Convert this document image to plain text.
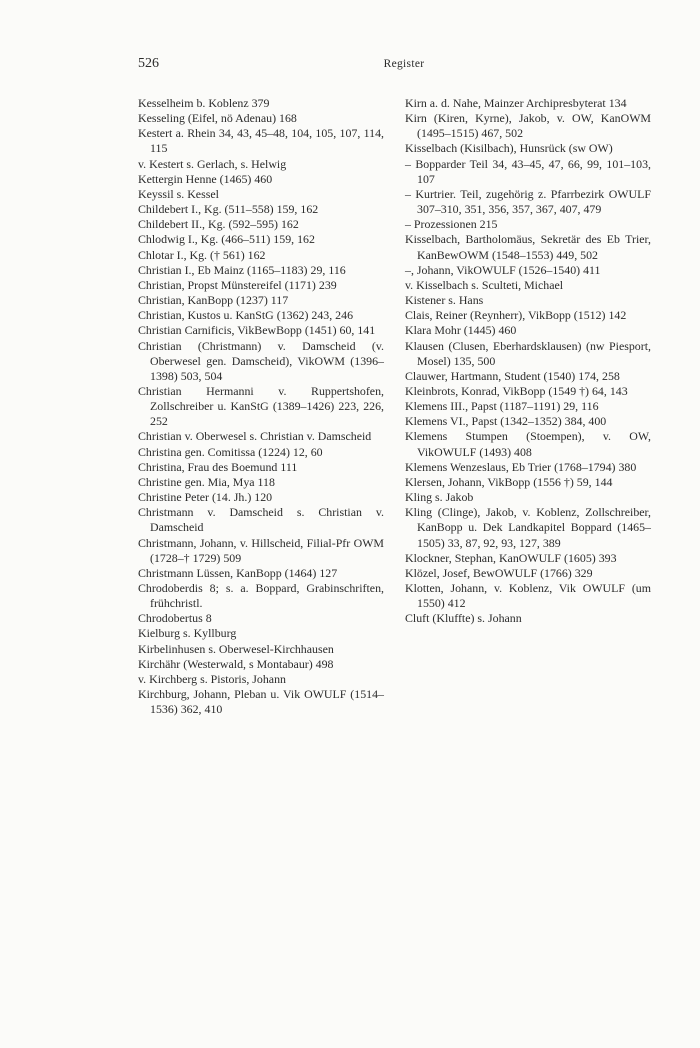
526	Register

Kesselheim b. Koblenz 379

Kesseling (Eifel, nö Adenau) 168

Kestert a. Rhein 34, 43, 45–48, 104, 105, 107, 114, 115

v. Kestert s. Gerlach, s. Helwig

Kettergin Henne (1465) 460

Keyssil s. Kessel

Childebert I., Kg. (511–558) 159, 162

Childebert II., Kg. (592–595) 162

Chlodwig I., Kg. (466–511) 159, 162

Chlotar I., Kg. († 561) 162

Christian I., Eb Mainz (1165–1183) 29, 116

Christian, Propst Münstereifel (1171) 239

Christian, KanBopp (1237) 117

Christian, Kustos u. KanStG (1362) 243, 246

Christian Carnificis, VikBewBopp (1451) 60, 141

Christian (Christmann) v. Damscheid (v. Oberwesel gen. Damscheid), VikOWM (1396–1398) 503, 504

Christian Hermanni v. Ruppertshofen, Zollschreiber u. KanStG (1389–1426) 223, 226, 252

Christian v. Oberwesel s. Christian v. Damscheid

Christina gen. Comitissa (1224) 12, 60

Christina, Frau des Boemund 111

Christine gen. Mia, Mya 118

Christine Peter (14. Jh.) 120

Christmann v. Damscheid s. Christian v. Damscheid

Christmann, Johann, v. Hillscheid, Filial-Pfr OWM (1728–† 1729) 509

Christmann Lüssen, KanBopp (1464) 127

Chrodoberdis 8; s. a. Boppard, Grabinschriften, frühchristl.

Chrodobertus 8

Kielburg s. Kyllburg

Kirbelinhusen s. Oberwesel-Kirchhausen

Kirchähr (Westerwald, s Montabaur) 498

v. Kirchberg s. Pistoris, Johann

Kirchburg, Johann, Pleban u. Vik OWULF (1514–1536) 362, 410

Kirn a. d. Nahe, Mainzer Archipresbyterat 134

Kirn (Kiren, Kyrne), Jakob, v. OW, KanOWM (1495–1515) 467, 502

Kisselbach (Kisilbach), Hunsrück (sw OW)

– Bopparder Teil 34, 43–45, 47, 66, 99, 101–103, 107

– Kurtrier. Teil, zugehörig z. Pfarrbezirk OWULF 307–310, 351, 356, 357, 367, 407, 479

– Prozessionen 215

Kisselbach, Bartholomäus, Sekretär des Eb Trier, KanBewOWM (1548–1553) 449, 502

–, Johann, VikOWULF (1526–1540) 411

v. Kisselbach s. Sculteti, Michael

Kistener s. Hans

Clais, Reiner (Reynherr), VikBopp (1512) 142

Klara Mohr (1445) 460

Klausen (Clusen, Eberhardsklausen) (nw Piesport, Mosel) 135, 500

Clauwer, Hartmann, Student (1540) 174, 258

Kleinbrots, Konrad, VikBopp (1549 †) 64, 143

Klemens III., Papst (1187–1191) 29, 116

Klemens VI., Papst (1342–1352) 384, 400

Klemens Stumpen (Stoempen), v. OW, VikOWULF (1493) 408

Klemens Wenzeslaus, Eb Trier (1768–1794) 380

Klersen, Johann, VikBopp (1556 †) 59, 144

Kling s. Jakob

Kling (Clinge), Jakob, v. Koblenz, Zollschreiber, KanBopp u. Dek Landkapitel Boppard (1465–1505) 33, 87, 92, 93, 127, 389

Klockner, Stephan, KanOWULF (1605) 393

Klözel, Josef, BewOWULF (1766) 329

Klotten, Johann, v. Koblenz, Vik OWULF (um 1550) 412

Cluft (Kluffte) s. Johann
